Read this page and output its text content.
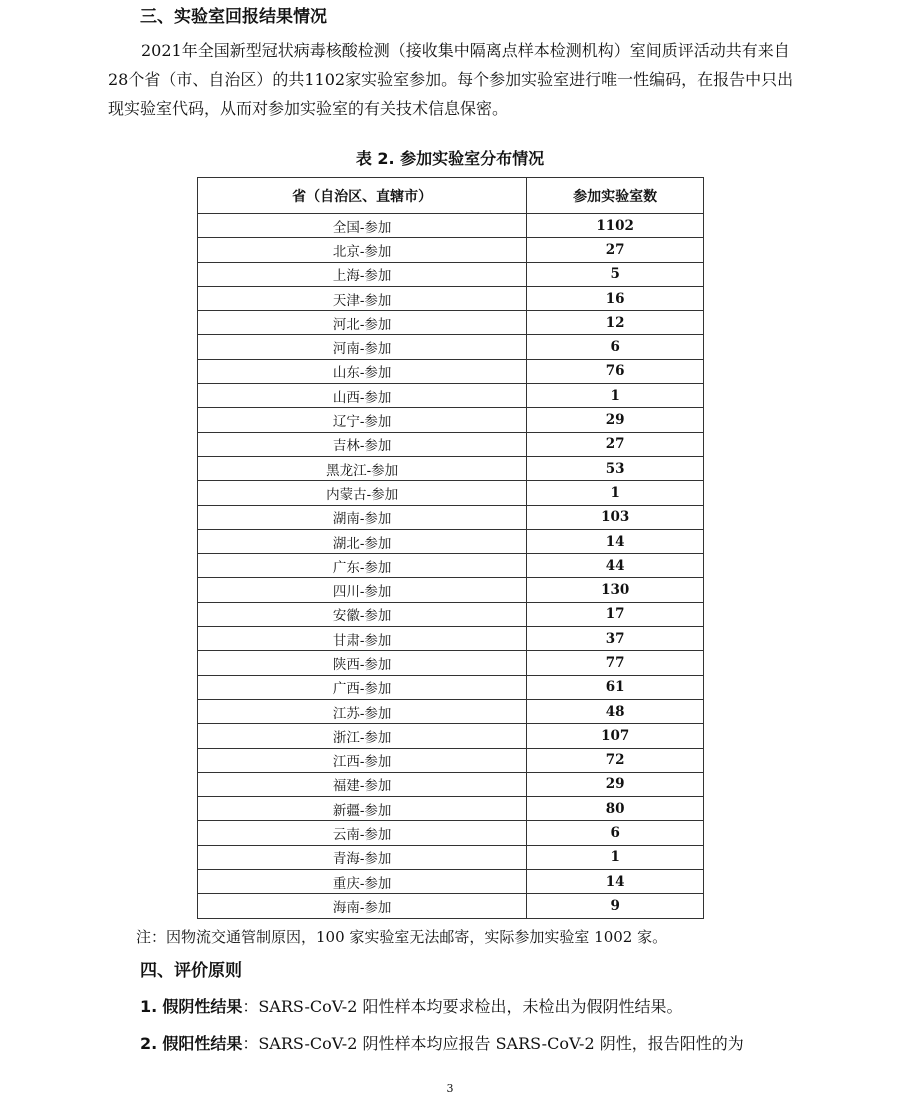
三、实验室回报结果情况
2021年全国新型冠状病毒核酸检测（接收集中隔离点样本检测机构）室间质评活动共有来自28个省（市、自治区）的共1102家实验室参加。每个参加实验室进行唯一性编码，在报告中只出现实验室代码，从而对参加实验室的有关技术信息保密。
表 2. 参加实验室分布情况
省（自治区、直辖市）	参加实验室数
全国-参加	1102
北京-参加	27
上海-参加	5
天津-参加	16
河北-参加	12
河南-参加	6
山东-参加	76
山西-参加	1
辽宁-参加	29
吉林-参加	27
黑龙江-参加	53
内蒙古-参加	1
湖南-参加	103
湖北-参加	14
广东-参加	44
四川-参加	130
安徽-参加	17
甘肃-参加	37
陕西-参加	77
广西-参加	61
江苏-参加	48
浙江-参加	107
江西-参加	72
福建-参加	29
新疆-参加	80
云南-参加	6
青海-参加	1
重庆-参加	14
海南-参加	9
注：因物流交通管制原因，100 家实验室无法邮寄，实际参加实验室 1002 家。
四、评价原则
1. 假阴性结果：SARS-CoV-2 阳性样本均要求检出，未检出为假阴性结果。
2. 假阳性结果：SARS-CoV-2 阴性样本均应报告 SARS-CoV-2 阴性，报告阳性的为
3
